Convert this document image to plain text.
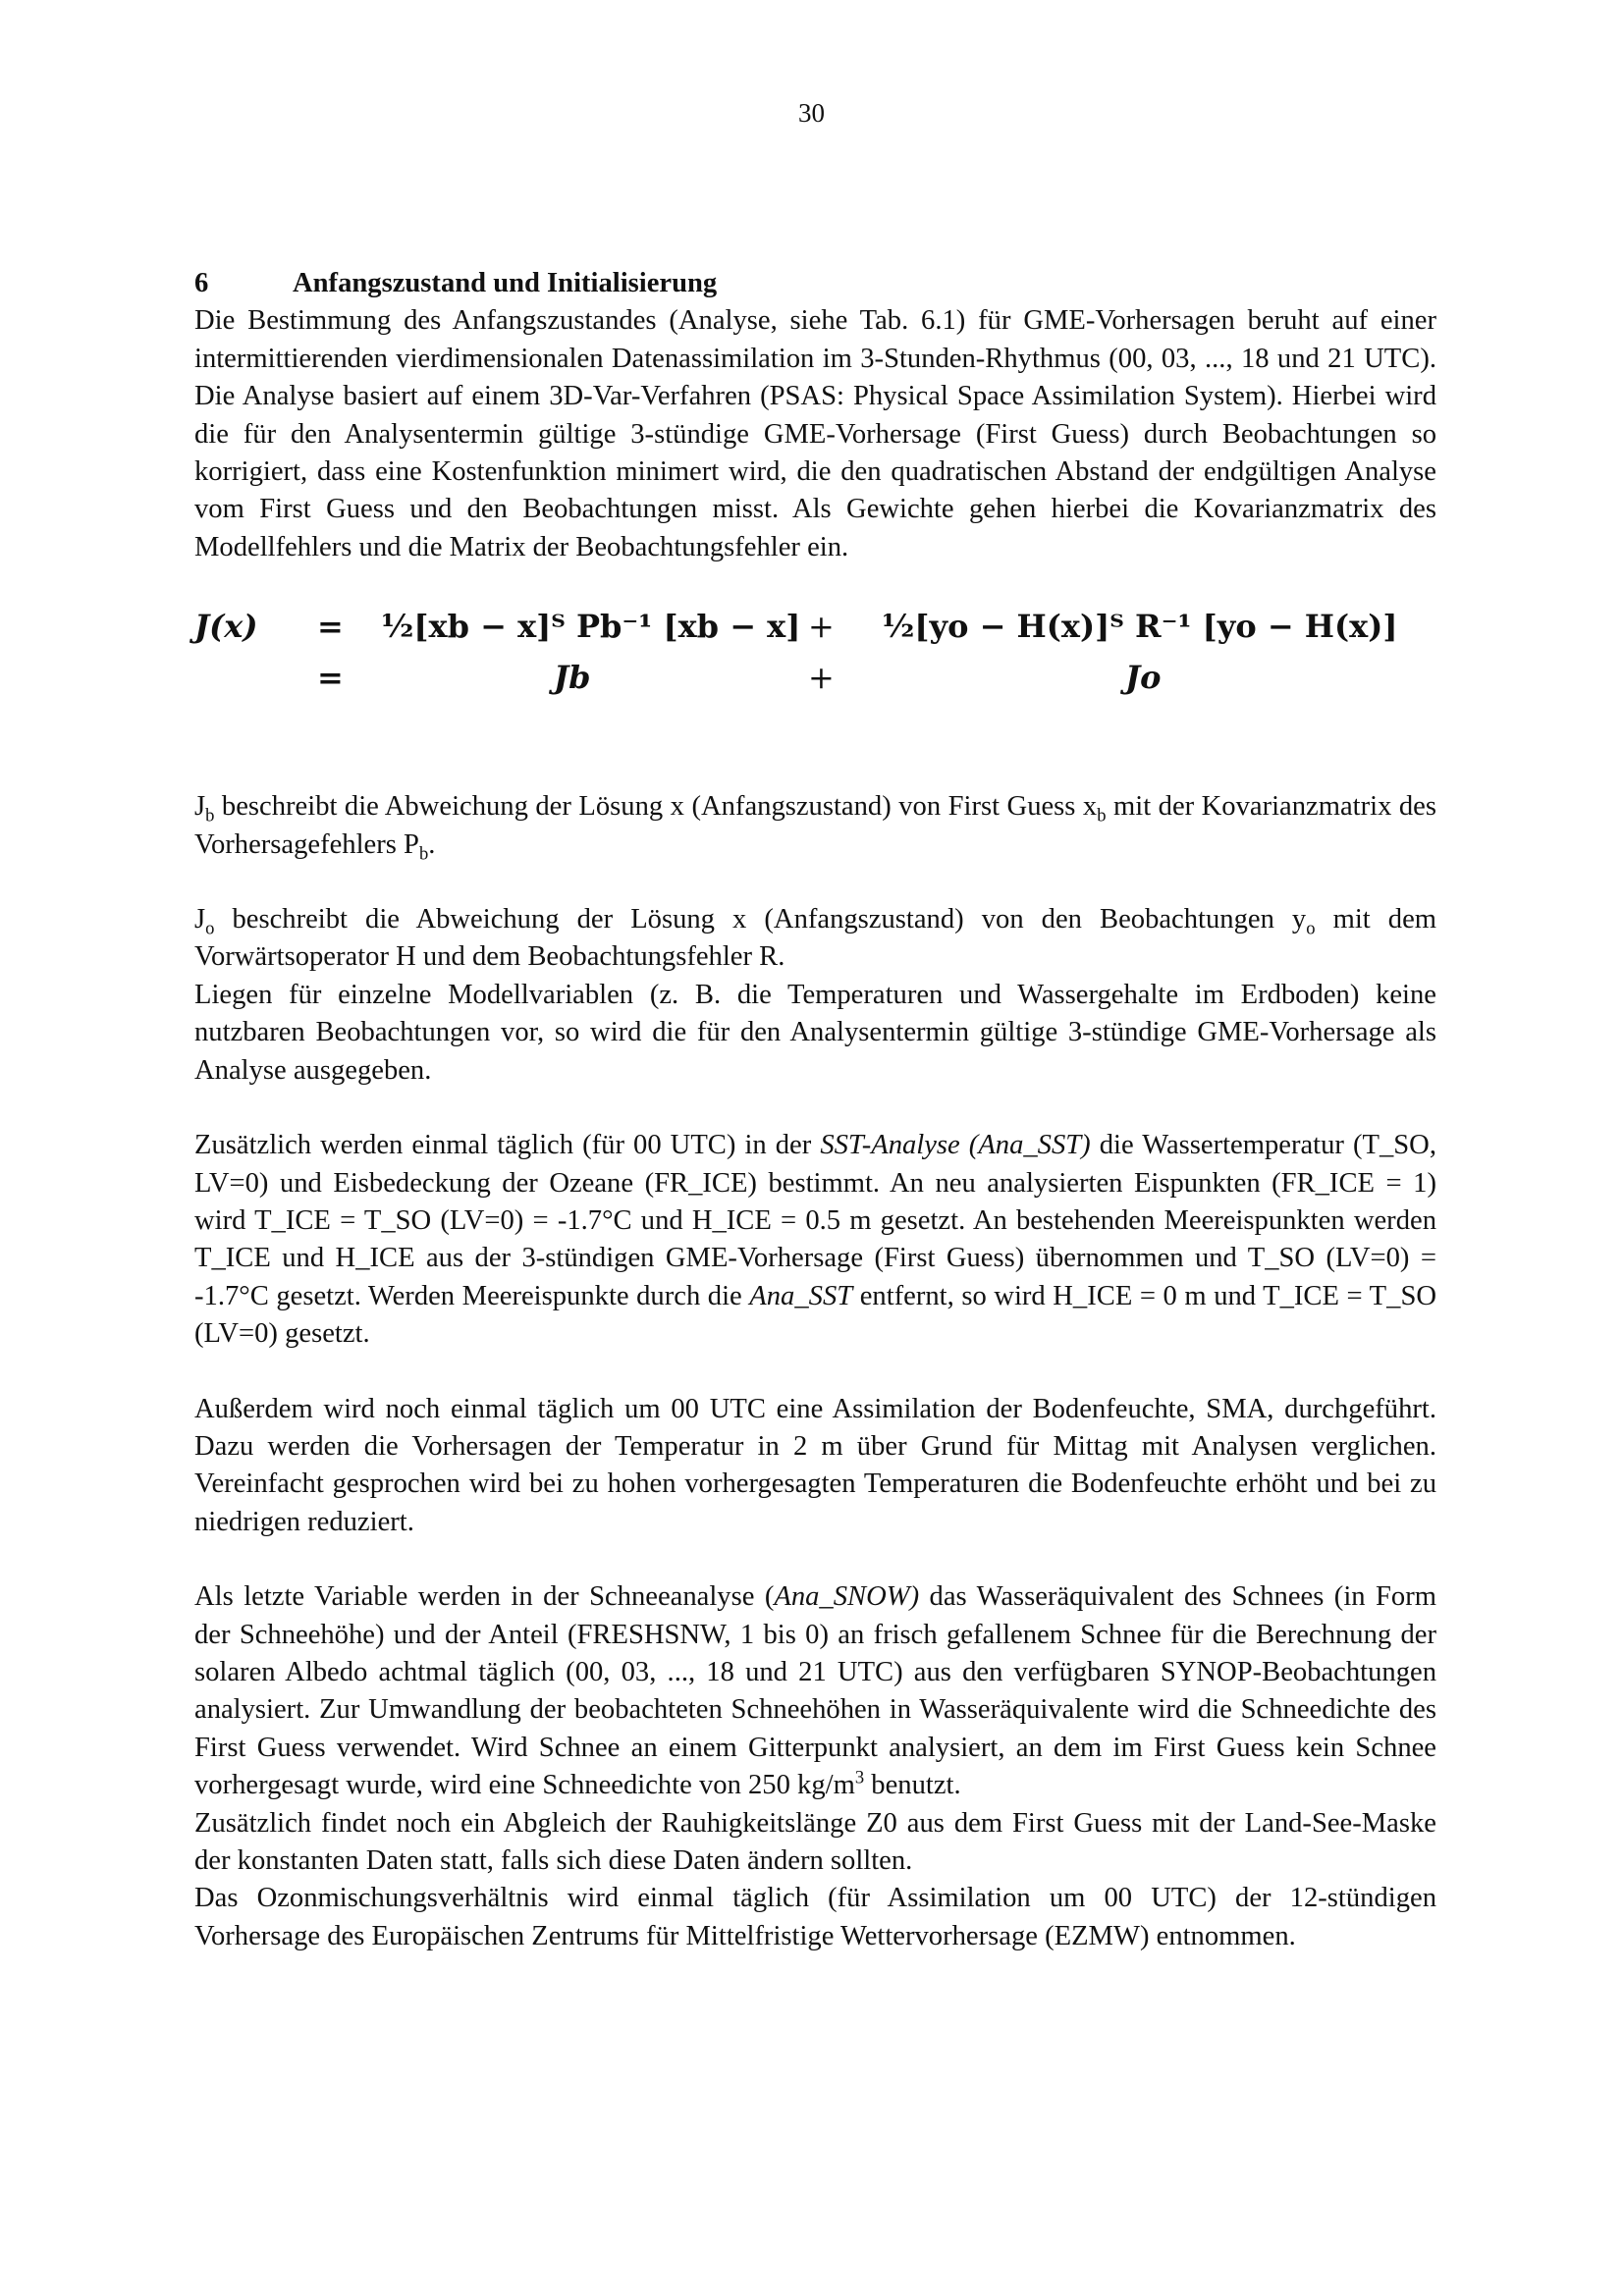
30
6	Anfangszustand und Initialisierung

Die Bestimmung des Anfangszustandes (Analyse, siehe Tab. 6.1) für GME-Vorhersagen beruht auf einer intermittierenden vierdimensionalen Datenassimilation im 3-Stunden-Rhythmus (00, 03, ..., 18 und 21 UTC). Die Analyse basiert auf einem 3D-Var-Verfahren (PSAS: Physical Space Assimilation System). Hierbei wird die für den Analysentermin gültige 3-stündige GME-Vorhersage (First Guess) durch Beobachtungen so korrigiert, dass eine Kostenfunktion minimert wird, die den quadratischen Abstand der endgültigen Analyse vom First Guess und den Beobachtungen misst. Als Gewichte gehen hierbei die Kovarianzmatrix des Modellfehlers und die Matrix der Beobachtungsfehler ein.

J(x) = ½[xb − x]ᵀ Pb⁻¹ [xb − x] + ½[yo − H(x)]ᵀ R⁻¹ [yo − H(x)]
=	Jb	+	Jo

$J_b$ beschreibt die Abweichung der Lösung x (Anfangszustand) von First Guess $x_b$ mit der Kovarianzmatrix des Vorhersagefehlers $P_b$.

$J_o$ beschreibt die Abweichung der Lösung x (Anfangszustand) von den Beobachtungen $y_o$ mit dem Vorwärtsoperator H und dem Beobachtungsfehler R.

Liegen für einzelne Modellvariablen (z. B. die Temperaturen und Wassergehalte im Erdboden) keine nutzbaren Beobachtungen vor, so wird die für den Analysentermin gültige 3-stündige GME-Vorhersage als Analyse ausgegeben.

Zusätzlich werden einmal täglich (für 00 UTC) in der SST-Analyse (Ana_SST) die Wassertemperatur (T_SO, LV=0) und Eisbedeckung der Ozeane (FR_ICE) bestimmt. An neu analysierten Eispunkten (FR_ICE = 1) wird T_ICE = T_SO (LV=0) = -1.7°C und H_ICE = 0.5 m gesetzt. An bestehenden Meereispunkten werden T_ICE und H_ICE aus der 3-stündigen GME-Vorhersage (First Guess) übernommen und T_SO (LV=0) = -1.7°C gesetzt. Werden Meereispunkte durch die Ana_SST entfernt, so wird H_ICE = 0 m und T_ICE = T_SO (LV=0) gesetzt.

Außerdem wird noch einmal täglich um 00 UTC eine Assimilation der Bodenfeuchte, SMA, durchgeführt. Dazu werden die Vorhersagen der Temperatur in 2 m über Grund für Mittag mit Analysen verglichen. Vereinfacht gesprochen wird bei zu hohen vorhergesagten Temperaturen die Bodenfeuchte erhöht und bei zu niedrigen reduziert.

Als letzte Variable werden in der Schneeanalyse (Ana_SNOW) das Wasseräquivalent des Schnees (in Form der Schneehöhe) und der Anteil (FRESHSNW, 1 bis 0) an frisch gefallenem Schnee für die Berechnung der solaren Albedo achtmal täglich (00, 03, ..., 18 und 21 UTC) aus den verfügbaren SYNOP-Beobachtungen analysiert. Zur Umwandlung der beobachteten Schneehöhen in Wasseräquivalente wird die Schneedichte des First Guess verwendet. Wird Schnee an einem Gitterpunkt analysiert, an dem im First Guess kein Schnee vorhergesagt wurde, wird eine Schneedichte von 250 $kg/m^3$ benutzt.

Zusätzlich findet noch ein Abgleich der Rauhigkeitslänge Z0 aus dem First Guess mit der Land-See-Maske der konstanten Daten statt, falls sich diese Daten ändern sollten.

Das Ozonmischungsverhältnis wird einmal täglich (für Assimilation um 00 UTC) der 12-stündigen Vorhersage des Europäischen Zentrums für Mittelfristige Wettervorhersage (EZMW) entnommen.
